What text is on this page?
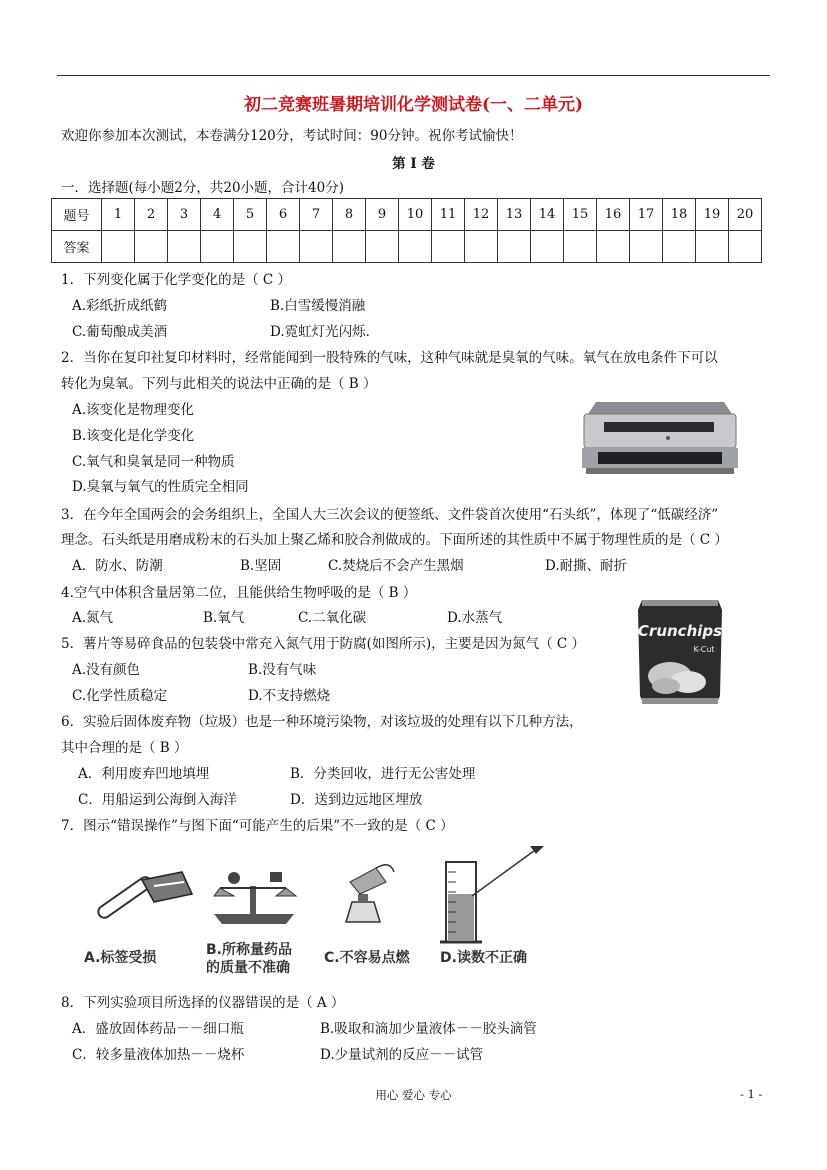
初二竞赛班暑期培训化学测试卷(一、二单元)
欢迎你参加本次测试，本卷满分120分，考试时间：90分钟。祝你考试愉快！
第 I 卷
一．选择题(每小题2分，共20小题，合计40分)
题号	1	2	3	4	5	6	7	8	9	10	11	12	13	14	15	16	17	18	19	20
答案																				
1．下列变化属于化学变化的是（ C ）
A.彩纸折成纸鹤	B.白雪缓慢消融
C.葡萄酿成美酒	D.霓虹灯光闪烁．
2．当你在复印社复印材料时，经常能闻到一股特殊的气味，这种气味就是臭氧的气味。氧气在放电条件下可以
转化为臭氧。下列与此相关的说法中正确的是（ B ）
A.该变化是物理变化
B.该变化是化学变化
C.氧气和臭氧是同一种物质
D.臭氧与氧气的性质完全相同
3．在今年全国两会的会务组织上，全国人大三次会议的便签纸、文件袋首次使用“石头纸”，体现了“低碳经济”
理念。石头纸是用磨成粉末的石头加上聚乙烯和胶合剂做成的。下面所述的其性质中不属于物理性质的是（ C ）
A．防水、防潮	B.坚固	C.焚烧后不会产生黑烟	D.耐撕、耐折
4.空气中体积含量居第二位，且能供给生物呼吸的是（ B ）
A.氮气	B.氧气	C.二氧化碳	D.水蒸气
Crunchips
K-Cut
5．薯片等易碎食品的包装袋中常充入氮气用于防腐(如图所示)，主要是因为氮气（ C ）
A.没有颜色	B.没有气味
C.化学性质稳定	D.不支持燃烧
6．实验后固体废弃物（垃圾）也是一种环境污染物，对该垃圾的处理有以下几种方法，
其中合理的是（ B ）
A．利用废弃凹地填埋	B．分类回收，进行无公害处理
C．用船运到公海倒入海洋	D．送到边远地区埋放
7．图示“错误操作”与图下面“可能产生的后果”不一致的是（ C ）
A.标签受损	B.所称量药品
的质量不准确
C.不容易点燃 D.读数不正确
8．下列实验项目所选择的仪器错误的是（ A ）
A．盛放固体药品－－细口瓶	B.吸取和滴加少量液体－－胶头滴管
C．较多量液体加热－－烧杯	D.少量试剂的反应－－试管
用心 爱心 专心	- 1 -
